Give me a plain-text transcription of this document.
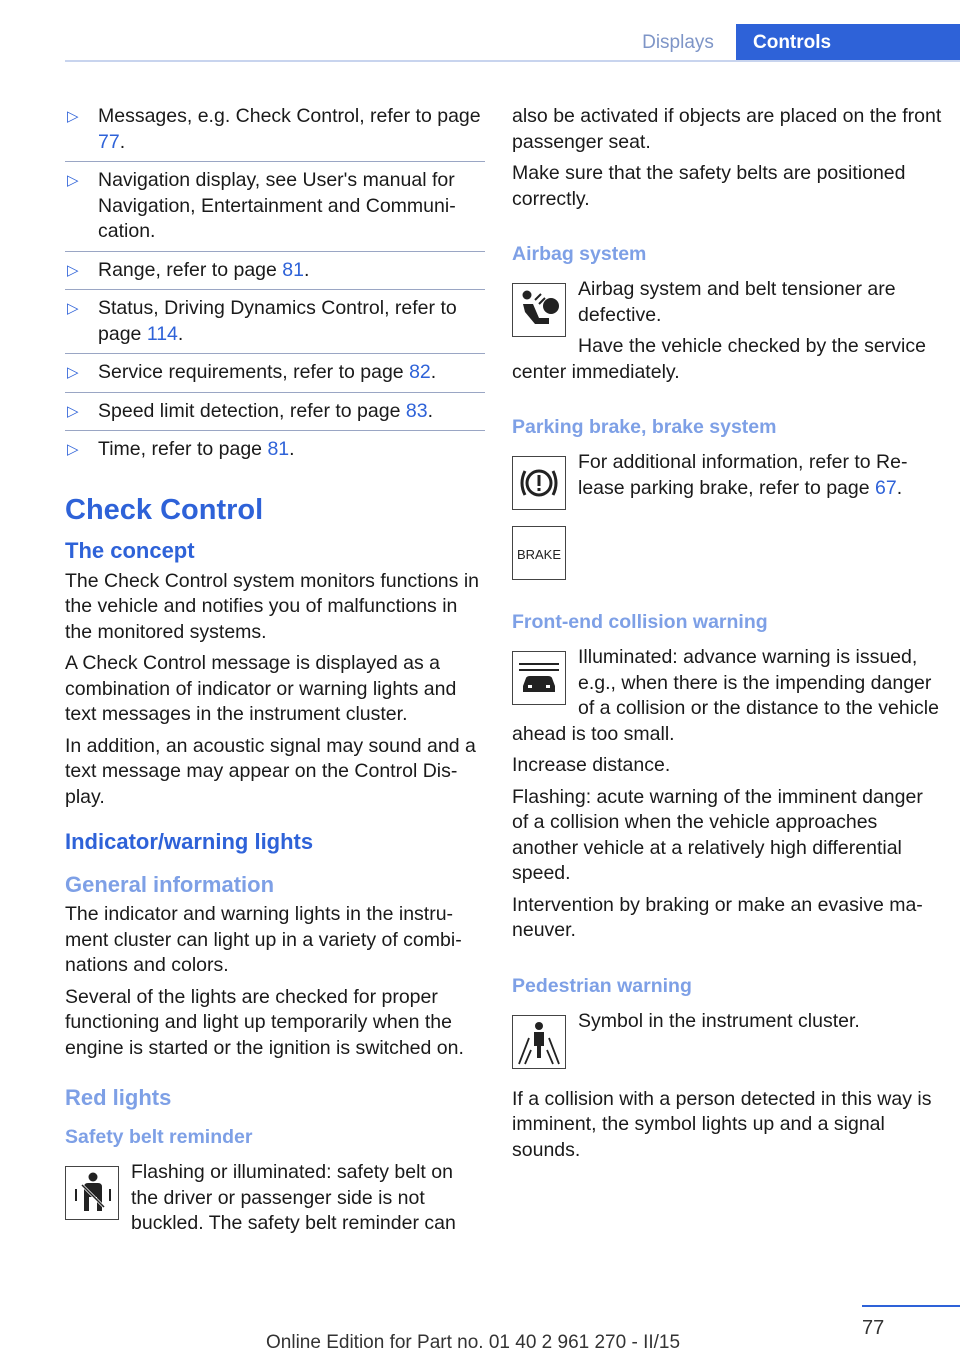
Displays	Controls
▷ Messages, e.g. Check Control, refer to page 77.
▷ Navigation display, see User's manual for Navigation, Entertainment and Communication.
▷ Range, refer to page 81.
▷ Status, Driving Dynamics Control, refer to page 114.
▷ Service requirements, refer to page 82.
▷ Speed limit detection, refer to page 83.
▷ Time, refer to page 81.
Check Control
The concept

The Check Control system monitors functions in the vehicle and notifies you of malfunctions in the monitored systems.

A Check Control message is displayed as a combination of indicator or warning lights and text messages in the instrument cluster.

In addition, an acoustic signal may sound and a text message may appear on the Control Display.

Indicator/warning lights
General information

The indicator and warning lights in the instrument cluster can light up in a variety of combinations and colors.

Several of the lights are checked for proper functioning and light up temporarily when the engine is started or the ignition is switched on.

Red lights
Safety belt reminder

Flashing or illuminated: safety belt on the driver or passenger side is not buckled. The safety belt reminder can

also be activated if objects are placed on the front passenger seat.

Make sure that the safety belts are positioned correctly.

Airbag system

Airbag system and belt tensioner are defective.

Have the vehicle checked by the service center immediately.

Parking brake, brake system

For additional information, refer to Release parking brake, refer to page 67.

BRAKE
Front-end collision warning

Illuminated: advance warning is issued, e.g., when there is the impending danger of a collision or the distance to the vehicle ahead is too small.

Increase distance.

Flashing: acute warning of the imminent danger of a collision when the vehicle approaches another vehicle at a relatively high differential speed.

Intervention by braking or make an evasive maneuver.

Pedestrian warning

Symbol in the instrument cluster.

If a collision with a person detected in this way is imminent, the symbol lights up and a signal sounds.

77
Online Edition for Part no. 01 40 2 961 270 - II/15
